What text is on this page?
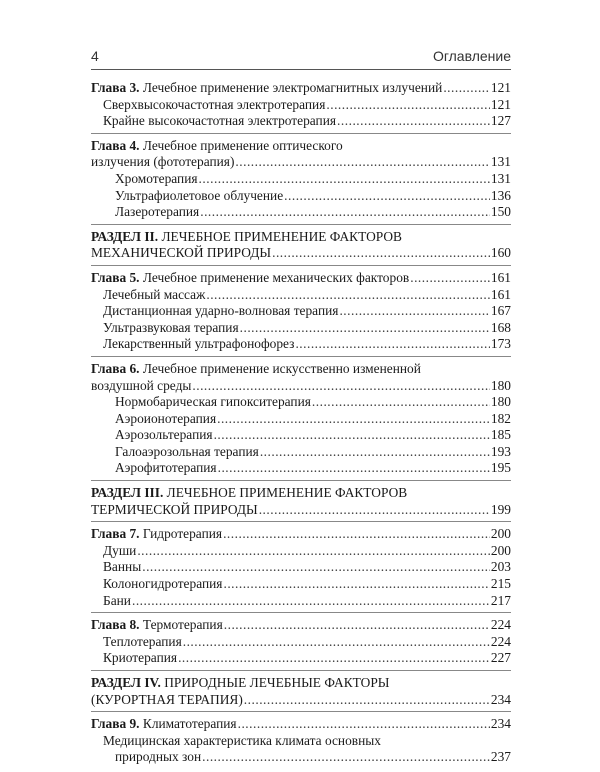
4	Оглавление
Глава 3. Лечебное применение электромагнитных излучений .....	121
Сверхвысокочастотная электротерапия .....	121
Крайне высокочастотная электротерапия .....	127
Глава 4. Лечебное применение оптического
излучения (фототерапия) .....	131
Хромотерапия .....	131
Ультрафиолетовое облучение .....	136
Лазеротерапия .....	150
РАЗДЕЛ II. ЛЕЧЕБНОЕ ПРИМЕНЕНИЕ ФАКТОРОВ
МЕХАНИЧЕСКОЙ ПРИРОДЫ .....	160
Глава 5. Лечебное применение механических факторов .....	161
Лечебный массаж .....	161
Дистанционная ударно-волновая терапия .....	167
Ультразвуковая терапия .....	168
Лекарственный ультрафонофорез .....	173
Глава 6. Лечебное применение искусственно измененной
воздушной среды .....	180
Нормобарическая гипокситерапия .....	180
Аэроионотерапия .....	182
Аэрозольтерапия .....	185
Галоаэрозольная терапия .....	193
Аэрофитотерапия .....	195
РАЗДЕЛ III. ЛЕЧЕБНОЕ ПРИМЕНЕНИЕ ФАКТОРОВ
ТЕРМИЧЕСКОЙ ПРИРОДЫ .....	199
Глава 7. Гидротерапия .....	200
Души .....	200
Ванны .....	203
Колоногидротерапия .....	215
Бани .....	217
Глава 8. Термотерапия .....	224
Теплотерапия .....	224
Криотерапия .....	227
РАЗДЕЛ IV. ПРИРОДНЫЕ ЛЕЧЕБНЫЕ ФАКТОРЫ
(КУРОРТНАЯ ТЕРАПИЯ) .....	234
Глава 9. Климатотерапия .....	234
Медицинская характеристика климата основных
природных зон .....	237
